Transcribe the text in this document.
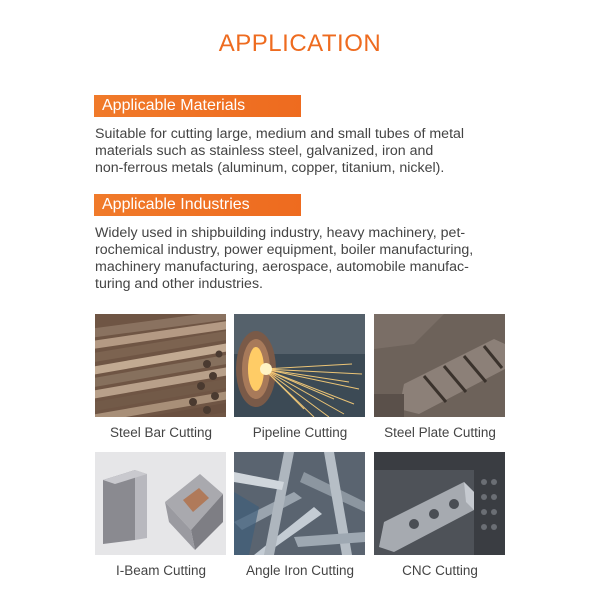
APPLICATION
Applicable Materials
Suitable for cutting large, medium and small tubes of metal
materials such as stainless steel, galvanized, iron and
non-ferrous metals (aluminum, copper, titanium, nickel).
Applicable Industries
Widely used in shipbuilding industry, heavy machinery, pet-
rochemical industry, power equipment, boiler manufacturing,
machinery manufacturing, aerospace, automobile manufac-
turing and other industries.
Steel Bar Cutting	Pipeline Cutting	Steel Plate Cutting
I-Beam Cutting	Angle Iron Cutting	CNC Cutting
